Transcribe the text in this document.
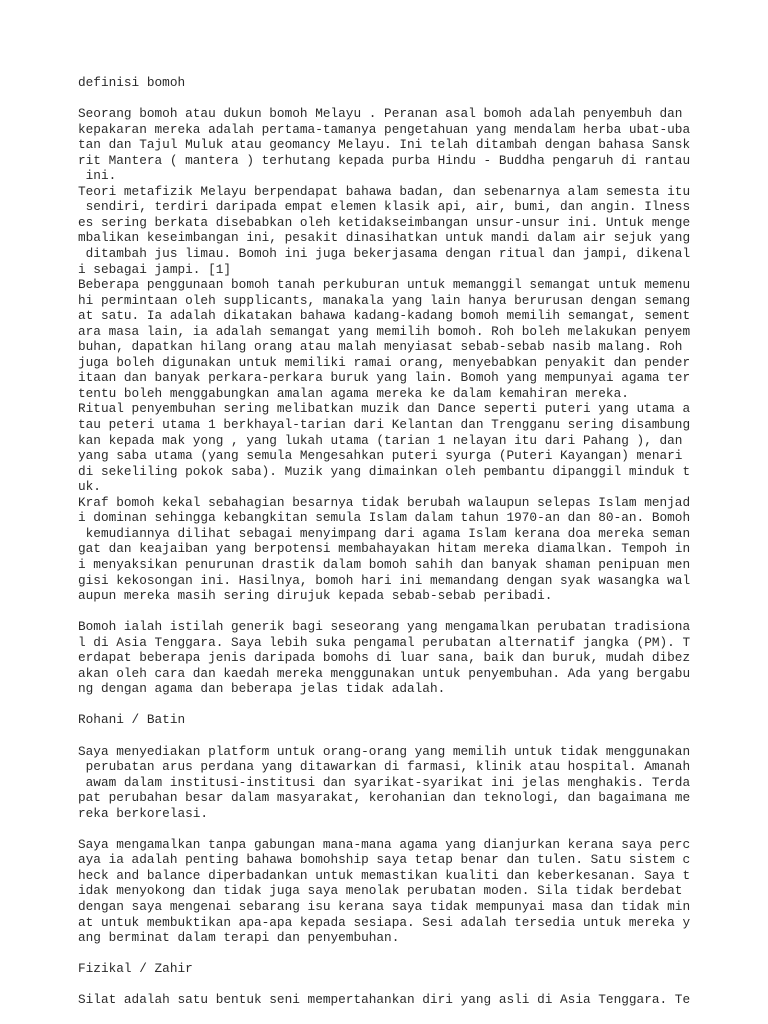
definisi bomoh
Seorang bomoh atau dukun bomoh Melayu . Peranan asal bomoh adalah penyembuh dan
kepakaran mereka adalah pertama-tamanya pengetahuan yang mendalam herba ubat-uba
tan dan Tajul Muluk atau geomancy Melayu. Ini telah ditambah dengan bahasa Sansk
rit Mantera ( mantera ) terhutang kepada purba Hindu - Buddha pengaruh di rantau
ini.
Teori metafizik Melayu berpendapat bahawa badan, dan sebenarnya alam semesta itu
sendiri, terdiri daripada empat elemen klasik api, air, bumi, dan angin. Ilness
es sering berkata disebabkan oleh ketidakseimbangan unsur-unsur ini. Untuk menge
mbalikan keseimbangan ini, pesakit dinasihatkan untuk mandi dalam air sejuk yang
ditambah jus limau. Bomoh ini juga bekerjasama dengan ritual dan jampi, dikenal
i sebagai jampi. [1]
Beberapa penggunaan bomoh tanah perkuburan untuk memanggil semangat untuk memenu
hi permintaan oleh supplicants, manakala yang lain hanya berurusan dengan semang
at satu. Ia adalah dikatakan bahawa kadang-kadang bomoh memilih semangat, sement
ara masa lain, ia adalah semangat yang memilih bomoh. Roh boleh melakukan penyem
buhan, dapatkan hilang orang atau malah menyiasat sebab-sebab nasib malang. Roh
juga boleh digunakan untuk memiliki ramai orang, menyebabkan penyakit dan pender
itaan dan banyak perkara-perkara buruk yang lain. Bomoh yang mempunyai agama ter
tentu boleh menggabungkan amalan agama mereka ke dalam kemahiran mereka.
Ritual penyembuhan sering melibatkan muzik dan Dance seperti puteri yang utama a
tau peteri utama 1 berkhayal-tarian dari Kelantan dan Trengganu sering disambung
kan kepada mak yong , yang lukah utama (tarian 1 nelayan itu dari Pahang ), dan
yang saba utama (yang semula Mengesahkan puteri syurga (Puteri Kayangan) menari
di sekeliling pokok saba). Muzik yang dimainkan oleh pembantu dipanggil minduk t
uk.
Kraf bomoh kekal sebahagian besarnya tidak berubah walaupun selepas Islam menjad
i dominan sehingga kebangkitan semula Islam dalam tahun 1970-an dan 80-an. Bomoh
kemudiannya dilihat sebagai menyimpang dari agama Islam kerana doa mereka seman
gat dan keajaiban yang berpotensi membahayakan hitam mereka diamalkan. Tempoh in
i menyaksikan penurunan drastik dalam bomoh sahih dan banyak shaman penipuan men
gisi kekosongan ini. Hasilnya, bomoh hari ini memandang dengan syak wasangka wal
aupun mereka masih sering dirujuk kepada sebab-sebab peribadi.
Bomoh ialah istilah generik bagi seseorang yang mengamalkan perubatan tradisiona
l di Asia Tenggara. Saya lebih suka pengamal perubatan alternatif jangka (PM). T
erdapat beberapa jenis daripada bomohs di luar sana, baik dan buruk, mudah dibez
akan oleh cara dan kaedah mereka menggunakan untuk penyembuhan. Ada yang bergabu
ng dengan agama dan beberapa jelas tidak adalah.
Rohani / Batin
Saya menyediakan platform untuk orang-orang yang memilih untuk tidak menggunakan
perubatan arus perdana yang ditawarkan di farmasi, klinik atau hospital. Amanah
awam dalam institusi-institusi dan syarikat-syarikat ini jelas menghakis. Terda
pat perubahan besar dalam masyarakat, kerohanian dan teknologi, dan bagaimana me
reka berkorelasi.
Saya mengamalkan tanpa gabungan mana-mana agama yang dianjurkan kerana saya perc
aya ia adalah penting bahawa bomohship saya tetap benar dan tulen. Satu sistem c
heck and balance diperbadankan untuk memastikan kualiti dan keberkesanan. Saya t
idak menyokong dan tidak juga saya menolak perubatan moden. Sila tidak berdebat
dengan saya mengenai sebarang isu kerana saya tidak mempunyai masa dan tidak min
at untuk membuktikan apa-apa kepada sesiapa. Sesi adalah tersedia untuk mereka y
ang berminat dalam terapi dan penyembuhan.
Fizikal / Zahir
Silat adalah satu bentuk seni mempertahankan diri yang asli di Asia Tenggara. Te
